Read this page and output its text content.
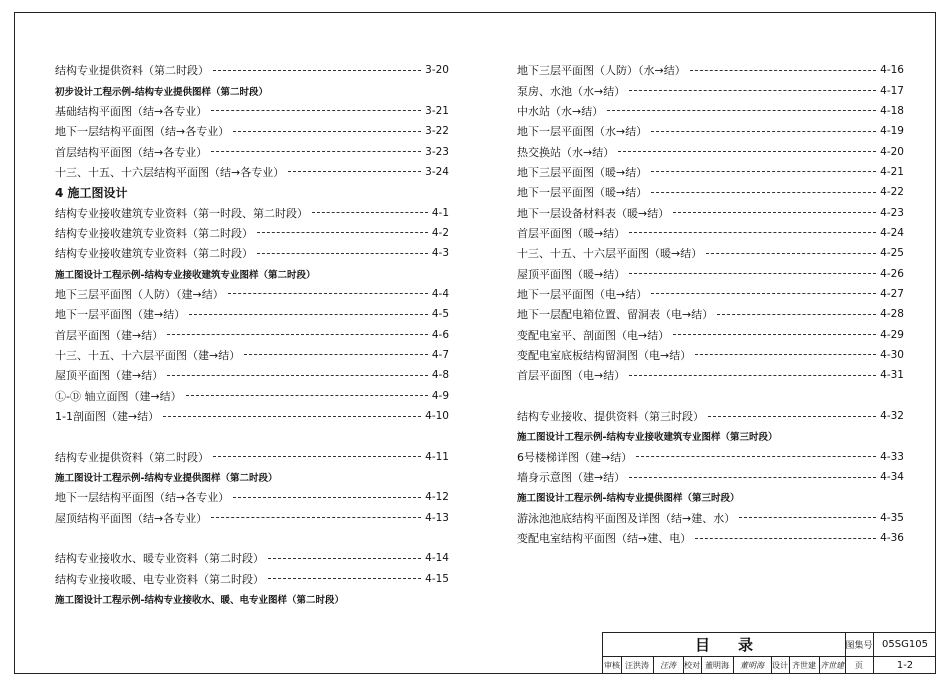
结构专业提供资料（第二时段）	3-20
初步设计工程示例-结构专业提供图样（第二时段）
基础结构平面图（结→各专业）	3-21
地下一层结构平面图（结→各专业）	3-22
首层结构平面图（结→各专业）	3-23
十三、十五、十六层结构平面图（结→各专业）	3-24
4 施工图设计
结构专业接收建筑专业资料（第一时段、第二时段）	4-1
结构专业接收建筑专业资料（第二时段）	4-2
结构专业接收建筑专业资料（第二时段）	4-3
施工图设计工程示例-结构专业接收建筑专业图样（第二时段）
地下三层平面图（人防）（建→结）	4-4
地下一层平面图（建→结）	4-5
首层平面图（建→结）	4-6
十三、十五、十六层平面图（建→结）	4-7
屋顶平面图（建→结）	4-8
Ⓛ-Ⓓ 轴立面图（建→结）	4-9
1-1剖面图（建→结）	4-10
结构专业提供资料（第二时段）	4-11
施工图设计工程示例-结构专业提供图样（第二时段）
地下一层结构平面图（结→各专业）	4-12
屋顶结构平面图（结→各专业）	4-13
结构专业接收水、暖专业资料（第二时段）	4-14
结构专业接收暖、电专业资料（第二时段）	4-15
施工图设计工程示例-结构专业接收水、暖、电专业图样（第二时段）
地下三层平面图（人防）（水→结）	4-16
泵房、水池（水→结）	4-17
中水站（水→结）	4-18
地下一层平面图（水→结）	4-19
热交换站（水→结）	4-20
地下三层平面图（暖→结）	4-21
地下一层平面图（暖→结）	4-22
地下一层设备材料表（暖→结）	4-23
首层平面图（暖→结）	4-24
十三、十五、十六层平面图（暖→结）	4-25
屋顶平面图（暖→结）	4-26
地下一层平面图（电→结）	4-27
地下一层配电箱位置、留洞表（电→结）	4-28
变配电室平、剖面图（电→结）	4-29
变配电室底板结构留洞图（电→结）	4-30
首层平面图（电→结）	4-31
结构专业接收、提供资料（第三时段）	4-32
施工图设计工程示例-结构专业接收建筑专业图样（第三时段）
6号楼梯详图（建→结）	4-33
墙身示意图（建→结）	4-34
施工图设计工程示例-结构专业提供图样（第三时段）
游泳池池底结构平面图及详图（结→建、水）	4-35
变配电室结构平面图（结→建、电）	4-36
目录	图集号 05SG105
审核 汪洪涛	汪涛	校对 董明海	董明海	设计 齐世建 齐世建	页	1-2
